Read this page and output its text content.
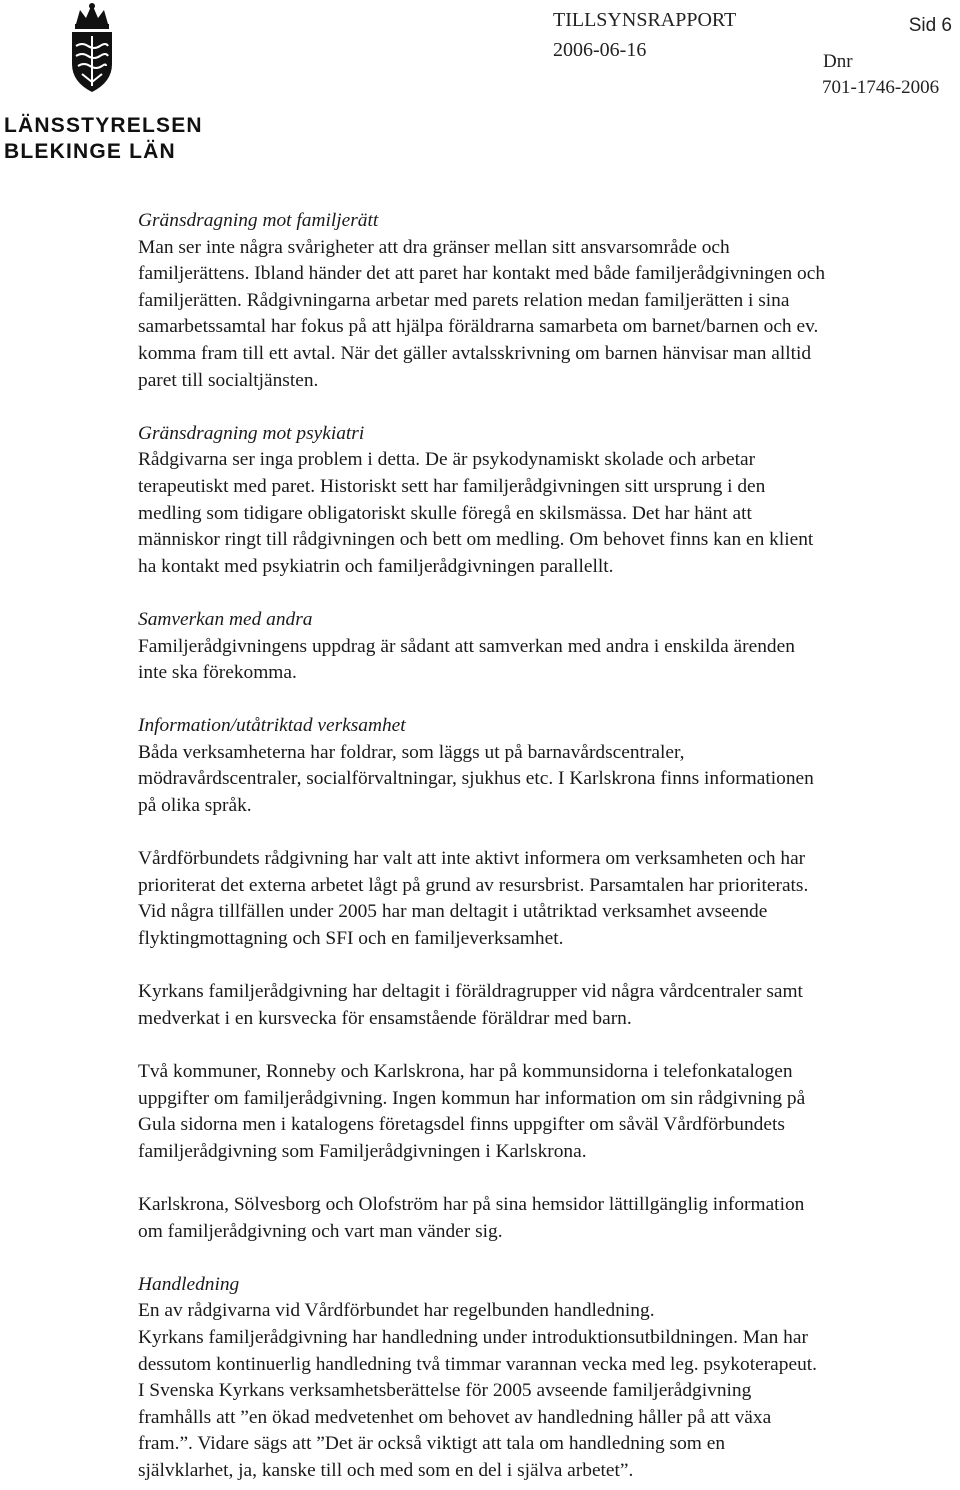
LÄNSSTYRELSEN
BLEKINGE LÄN
TILLSYNSRAPPORT
2006-06-16
Sid 6
Dnr
701-1746-2006
Gränsdragning mot familjerätt
Man ser inte några svårigheter att dra gränser mellan sitt ansvarsområde och
familjerättens. Ibland händer det att paret har kontakt med både familjerådgivningen och
familjerätten. Rådgivningarna arbetar med parets relation medan familjerätten i sina
samarbetssamtal har fokus på att hjälpa föräldrarna samarbeta om barnet/barnen och ev.
komma fram till ett avtal. När det gäller avtalsskrivning om barnen hänvisar man alltid
paret till socialtjänsten.
Gränsdragning mot psykiatri
Rådgivarna ser inga problem i detta. De är psykodynamiskt skolade och arbetar
terapeutiskt med paret. Historiskt sett har familjerådgivningen sitt ursprung i den
medling som tidigare obligatoriskt skulle föregå en skilsmässa. Det har hänt att
människor ringt till rådgivningen och bett om medling. Om behovet finns kan en klient
ha kontakt med psykiatrin och familjerådgivningen parallellt.
Samverkan med andra
Familjerådgivningens uppdrag är sådant att samverkan med andra i enskilda ärenden
inte ska förekomma.
Information/utåtriktad verksamhet
Båda verksamheterna har foldrar, som läggs ut på barnavårdscentraler,
mödravårdscentraler, socialförvaltningar, sjukhus etc. I Karlskrona finns informationen
på olika språk.
Vårdförbundets rådgivning har valt att inte aktivt informera om verksamheten och har
prioriterat det externa arbetet lågt på grund av resursbrist. Parsamtalen har prioriterats.
Vid några tillfällen under 2005 har man deltagit i utåtriktad verksamhet avseende
flyktingmottagning och SFI och en familjeverksamhet.
Kyrkans familjerådgivning har deltagit i föräldragrupper vid några vårdcentraler samt
medverkat i en kursvecka för ensamstående föräldrar med barn.
Två kommuner, Ronneby och Karlskrona, har på kommunsidorna i telefonkatalogen
uppgifter om familjerådgivning. Ingen kommun har information om sin rådgivning på
Gula sidorna men i katalogens företagsdel finns uppgifter om såväl Vårdförbundets
familjerådgivning som Familjerådgivningen i Karlskrona.
Karlskrona, Sölvesborg och Olofström har på sina hemsidor lättillgänglig information
om familjerådgivning och vart man vänder sig.
Handledning
En av rådgivarna vid Vårdförbundet har regelbunden handledning.
Kyrkans familjerådgivning har handledning under introduktionsutbildningen. Man har
dessutom kontinuerlig handledning två timmar varannan vecka med leg. psykoterapeut.
I Svenska Kyrkans verksamhetsberättelse för 2005 avseende familjerådgivning
framhålls att ”en ökad medvetenhet om behovet av handledning håller på att växa
fram.”. Vidare sägs att ”Det är också viktigt att tala om handledning som en
självklarhet, ja, kanske till och med som en del i själva arbetet”.
